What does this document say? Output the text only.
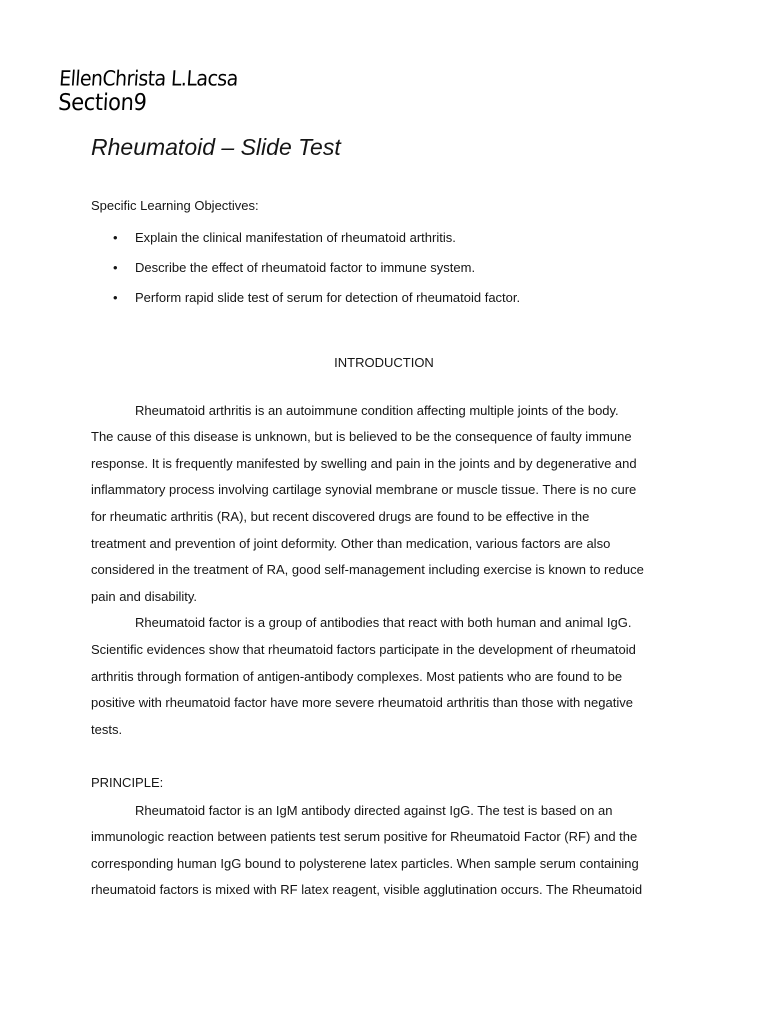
EllenChrista L.Lacsa
Section9
Rheumatoid – Slide Test
Specific Learning Objectives:
• Explain the clinical manifestation of rheumatoid arthritis.
• Describe the effect of rheumatoid factor to immune system.
• Perform rapid slide test of serum for detection of rheumatoid factor.
INTRODUCTION
Rheumatoid arthritis is an autoimmune condition affecting multiple joints of the body.
The cause of this disease is unknown, but is believed to be the consequence of faulty immune
response. It is frequently manifested by swelling and pain in the joints and by degenerative and
inflammatory process involving cartilage synovial membrane or muscle tissue. There is no cure
for rheumatic arthritis (RA), but recent discovered drugs are found to be effective in the
treatment and prevention of joint deformity. Other than medication, various factors are also
considered in the treatment of RA, good self-management including exercise is known to reduce
pain and disability.
Rheumatoid factor is a group of antibodies that react with both human and animal IgG.
Scientific evidences show that rheumatoid factors participate in the development of rheumatoid
arthritis through formation of antigen-antibody complexes. Most patients who are found to be
positive with rheumatoid factor have more severe rheumatoid arthritis than those with negative
tests.
PRINCIPLE:
Rheumatoid factor is an IgM antibody directed against IgG. The test is based on an
immunologic reaction between patients test serum positive for Rheumatoid Factor (RF) and the
corresponding human IgG bound to polysterene latex particles. When sample serum containing
rheumatoid factors is mixed with RF latex reagent, visible agglutination occurs. The Rheumatoid
